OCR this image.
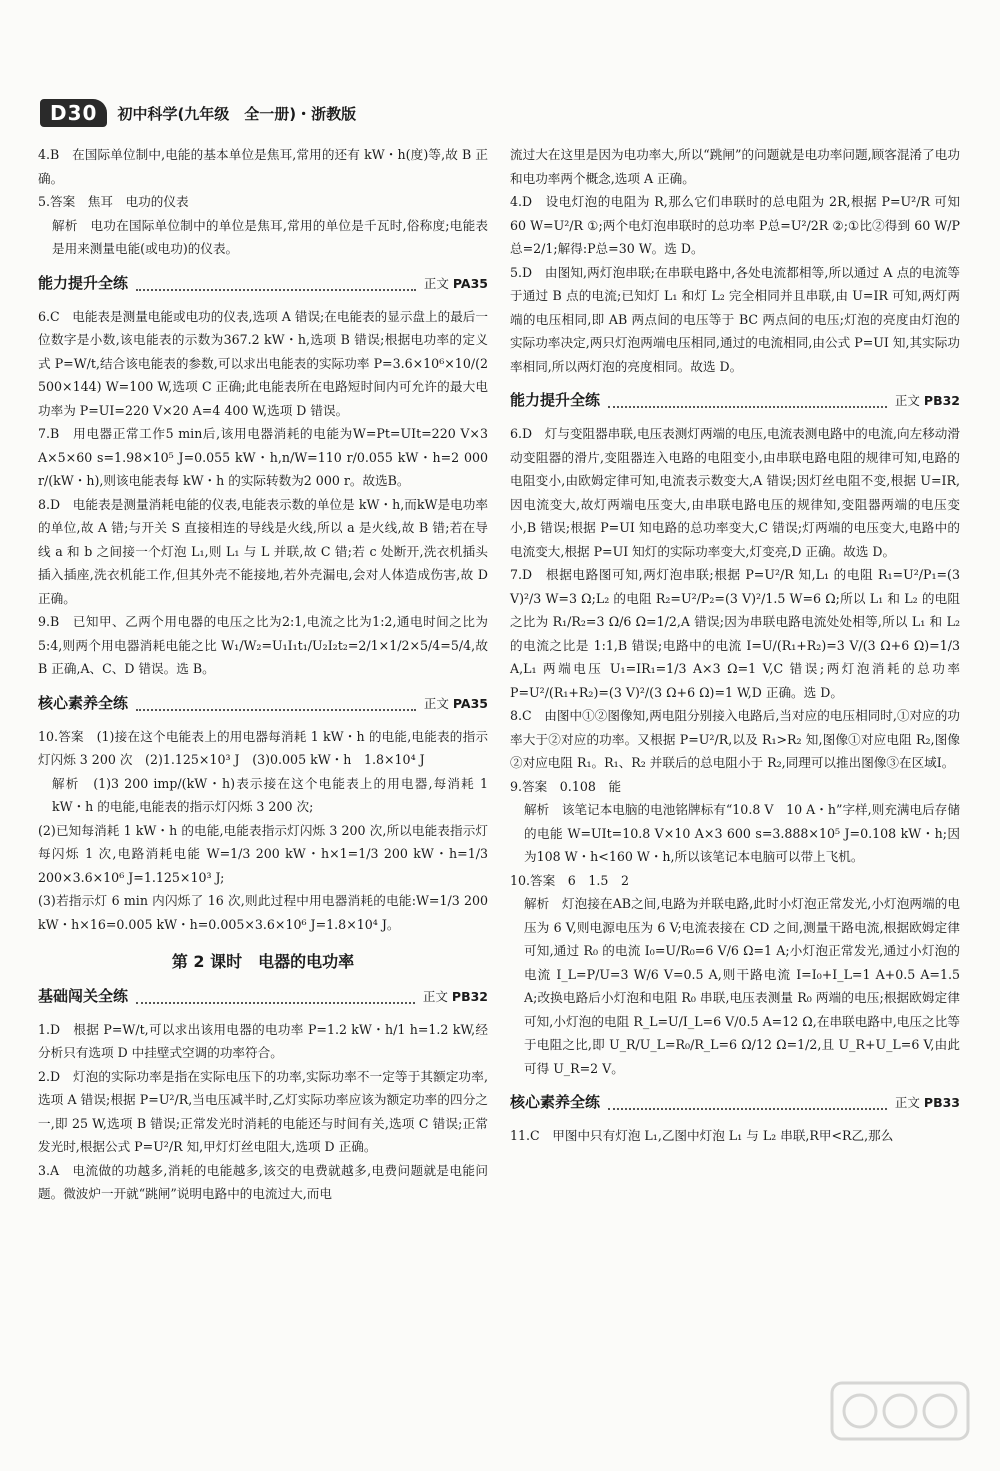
D30	初中科学(九年级　全一册)・浙教版

4.B　在国际单位制中,电能的基本单位是焦耳,常用的还有 kW・h(度)等,故 B 正确。

5.答案　焦耳　电功的仪表

解析　电功在国际单位制中的单位是焦耳,常用的单位是千瓦时,俗称度;电能表是用来测量电能(或电功)的仪表。

能力提升全练	正文 PA35

6.C　电能表是测量电能或电功的仪表,选项 A 错误;在电能表的显示盘上的最后一位数字是小数,该电能表的示数为367.2 kW・h,选项 B 错误;根据电功率的定义式 P=W/t,结合该电能表的参数,可以求出电能表的实际功率 P=3.6×10⁶×10/(2 500×144) W=100 W,选项 C 正确;此电能表所在电路短时间内可允许的最大电功率为 P=UI=220 V×20 A=4 400 W,选项 D 错误。

7.B　用电器正常工作5 min后,该用电器消耗的电能为W=Pt=UIt=220 V×3 A×5×60 s=1.98×10⁵ J=0.055 kW・h,n/W=110 r/0.055 kW・h=2 000 r/(kW・h),则该电能表每 kW・h 的实际转数为2 000 r。故选B。

8.D　电能表是测量消耗电能的仪表,电能表示数的单位是 kW・h,而kW是电功率的单位,故 A 错;与开关 S 直接相连的导线是火线,所以 a 是火线,故 B 错;若在导线 a 和 b 之间接一个灯泡 L₁,则 L₁ 与 L 并联,故 C 错;若 c 处断开,洗衣机插头插入插座,洗衣机能工作,但其外壳不能接地,若外壳漏电,会对人体造成伤害,故 D 正确。

9.B　已知甲、乙两个用电器的电压之比为2:1,电流之比为1:2,通电时间之比为5:4,则两个用电器消耗电能之比 W₁/W₂=U₁I₁t₁/U₂I₂t₂=2/1×1/2×5/4=5/4,故 B 正确,A、C、D 错误。选 B。

核心素养全练	正文 PA35

10.答案　(1)接在这个电能表上的用电器每消耗 1 kW・h 的电能,电能表的指示灯闪烁 3 200 次　(2)1.125×10³ J　(3)0.005 kW・h　1.8×10⁴ J

解析　(1)3 200 imp/(kW・h)表示接在这个电能表上的用电器,每消耗 1 kW・h 的电能,电能表的指示灯闪烁 3 200 次;

(2)已知每消耗 1 kW・h 的电能,电能表指示灯闪烁 3 200 次,所以电能表指示灯每闪烁 1 次,电路消耗电能 W=1/3 200 kW・h×1=1/3 200 kW・h=1/3 200×3.6×10⁶ J=1.125×10³ J;

(3)若指示灯 6 min 内闪烁了 16 次,则此过程中用电器消耗的电能:W=1/3 200 kW・h×16=0.005 kW・h=0.005×3.6×10⁶ J=1.8×10⁴ J。

第 2 课时　电器的电功率
基础闯关全练	正文 PB32

1.D　根据 P=W/t,可以求出该用电器的电功率 P=1.2 kW・h/1 h=1.2 kW,经分析只有选项 D 中挂壁式空调的功率符合。

2.D　灯泡的实际功率是指在实际电压下的功率,实际功率不一定等于其额定功率,选项 A 错误;根据 P=U²/R,当电压减半时,乙灯实际功率应该为额定功率的四分之一,即 25 W,选项 B 错误;正常发光时消耗的电能还与时间有关,选项 C 错误;正常发光时,根据公式 P=U²/R 知,甲灯灯丝电阻大,选项 D 正确。

3.A　电流做的功越多,消耗的电能越多,该交的电费就越多,电费问题就是电能问题。微波炉一开就“跳闸”说明电路中的电流过大,而电

流过大在这里是因为电功率大,所以“跳闸”的问题就是电功率问题,顾客混淆了电功和电功率两个概念,选项 A 正确。

4.D　设电灯泡的电阻为 R,那么它们串联时的总电阻为 2R,根据 P=U²/R 可知 60 W=U²/R ①;两个电灯泡串联时的总功率 P总=U²/2R ②;①比②得到 60 W/P总=2/1;解得:P总=30 W。选 D。

5.D　由图知,两灯泡串联;在串联电路中,各处电流都相等,所以通过 A 点的电流等于通过 B 点的电流;已知灯 L₁ 和灯 L₂ 完全相同并且串联,由 U=IR 可知,两灯两端的电压相同,即 AB 两点间的电压等于 BC 两点间的电压;灯泡的亮度由灯泡的实际功率决定,两只灯泡两端电压相同,通过的电流相同,由公式 P=UI 知,其实际功率相同,所以两灯泡的亮度相同。故选 D。

能力提升全练	正文 PB32

6.D　灯与变阻器串联,电压表测灯两端的电压,电流表测电路中的电流,向左移动滑动变阻器的滑片,变阻器连入电路的电阻变小,由串联电路电阻的规律可知,电路的电阻变小,由欧姆定律可知,电流表示数变大,A 错误;因灯丝电阻不变,根据 U=IR,因电流变大,故灯两端电压变大,由串联电路电压的规律知,变阻器两端的电压变小,B 错误;根据 P=UI 知电路的总功率变大,C 错误;灯两端的电压变大,电路中的电流变大,根据 P=UI 知灯的实际功率变大,灯变亮,D 正确。故选 D。

7.D　根据电路图可知,两灯泡串联;根据 P=U²/R 知,L₁ 的电阻 R₁=U²/P₁=(3 V)²/3 W=3 Ω;L₂ 的电阻 R₂=U²/P₂=(3 V)²/1.5 W=6 Ω;所以 L₁ 和 L₂ 的电阻之比为 R₁/R₂=3 Ω/6 Ω=1/2,A 错误;因为串联电路电流处处相等,所以 L₁ 和 L₂ 的电流之比是 1:1,B 错误;电路中的电流 I=U/(R₁+R₂)=3 V/(3 Ω+6 Ω)=1/3 A,L₁ 两端电压 U₁=IR₁=1/3 A×3 Ω=1 V,C 错误;两灯泡消耗的总功率 P=U²/(R₁+R₂)=(3 V)²/(3 Ω+6 Ω)=1 W,D 正确。选 D。

8.C　由图中①②图像知,两电阻分别接入电路后,当对应的电压相同时,①对应的功率大于②对应的功率。又根据 P=U²/R,以及 R₁>R₂ 知,图像①对应电阻 R₂,图像②对应电阻 R₁。R₁、R₂ 并联后的总电阻小于 R₂,同理可以推出图像③在区域Ⅰ。

9.答案　0.108　能

解析　该笔记本电脑的电池铭牌标有“10.8 V　10 A・h”字样,则充满电后存储的电能 W=UIt=10.8 V×10 A×3 600 s=3.888×10⁵ J=0.108 kW・h;因为108 W・h<160 W・h,所以该笔记本电脑可以带上飞机。

10.答案　6　1.5　2

解析　灯泡接在AB之间,电路为并联电路,此时小灯泡正常发光,小灯泡两端的电压为 6 V,则电源电压为 6 V;电流表接在 CD 之间,测量干路电流,根据欧姆定律可知,通过 R₀ 的电流 I₀=U/R₀=6 V/6 Ω=1 A;小灯泡正常发光,通过小灯泡的电流 I_L=P/U=3 W/6 V=0.5 A,则干路电流 I=I₀+I_L=1 A+0.5 A=1.5 A;改换电路后小灯泡和电阻 R₀ 串联,电压表测量 R₀ 两端的电压;根据欧姆定律可知,小灯泡的电阻 R_L=U/I_L=6 V/0.5 A=12 Ω,在串联电路中,电压之比等于电阻之比,即 U_R/U_L=R₀/R_L=6 Ω/12 Ω=1/2,且 U_R+U_L=6 V,由此可得 U_R=2 V。

核心素养全练	正文 PB33

11.C　甲图中只有灯泡 L₁,乙图中灯泡 L₁ 与 L₂ 串联,R甲<R乙,那么
